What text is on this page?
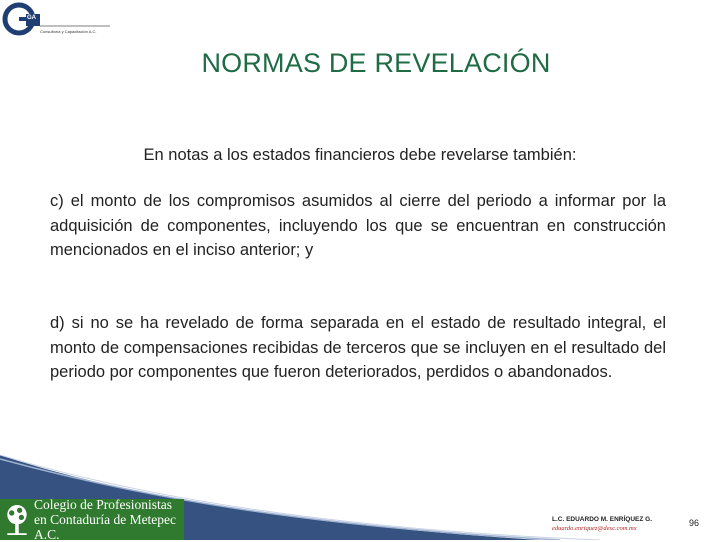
GA
Consultoría y Capacitación A.C.
NORMAS DE REVELACIÓN
En notas a los estados financieros debe revelarse también:

c) el monto de los compromisos asumidos al cierre del periodo a informar por la adquisición de componentes, incluyendo los que se encuentran en construcción mencionados en el inciso anterior; y

d) si no se ha revelado de forma separada en el estado de resultado integral, el monto de compensaciones recibidas de terceros que se incluyen en el resultado del periodo por componentes que fueron deteriorados, perdidos o abandonados.

Colegio de Profesionistas
en Contaduría de Metepec A.C.
L.C. EDUARDO M. ENRÍQUEZ G.
eduardo.enriquez@desc.com.mx
96
